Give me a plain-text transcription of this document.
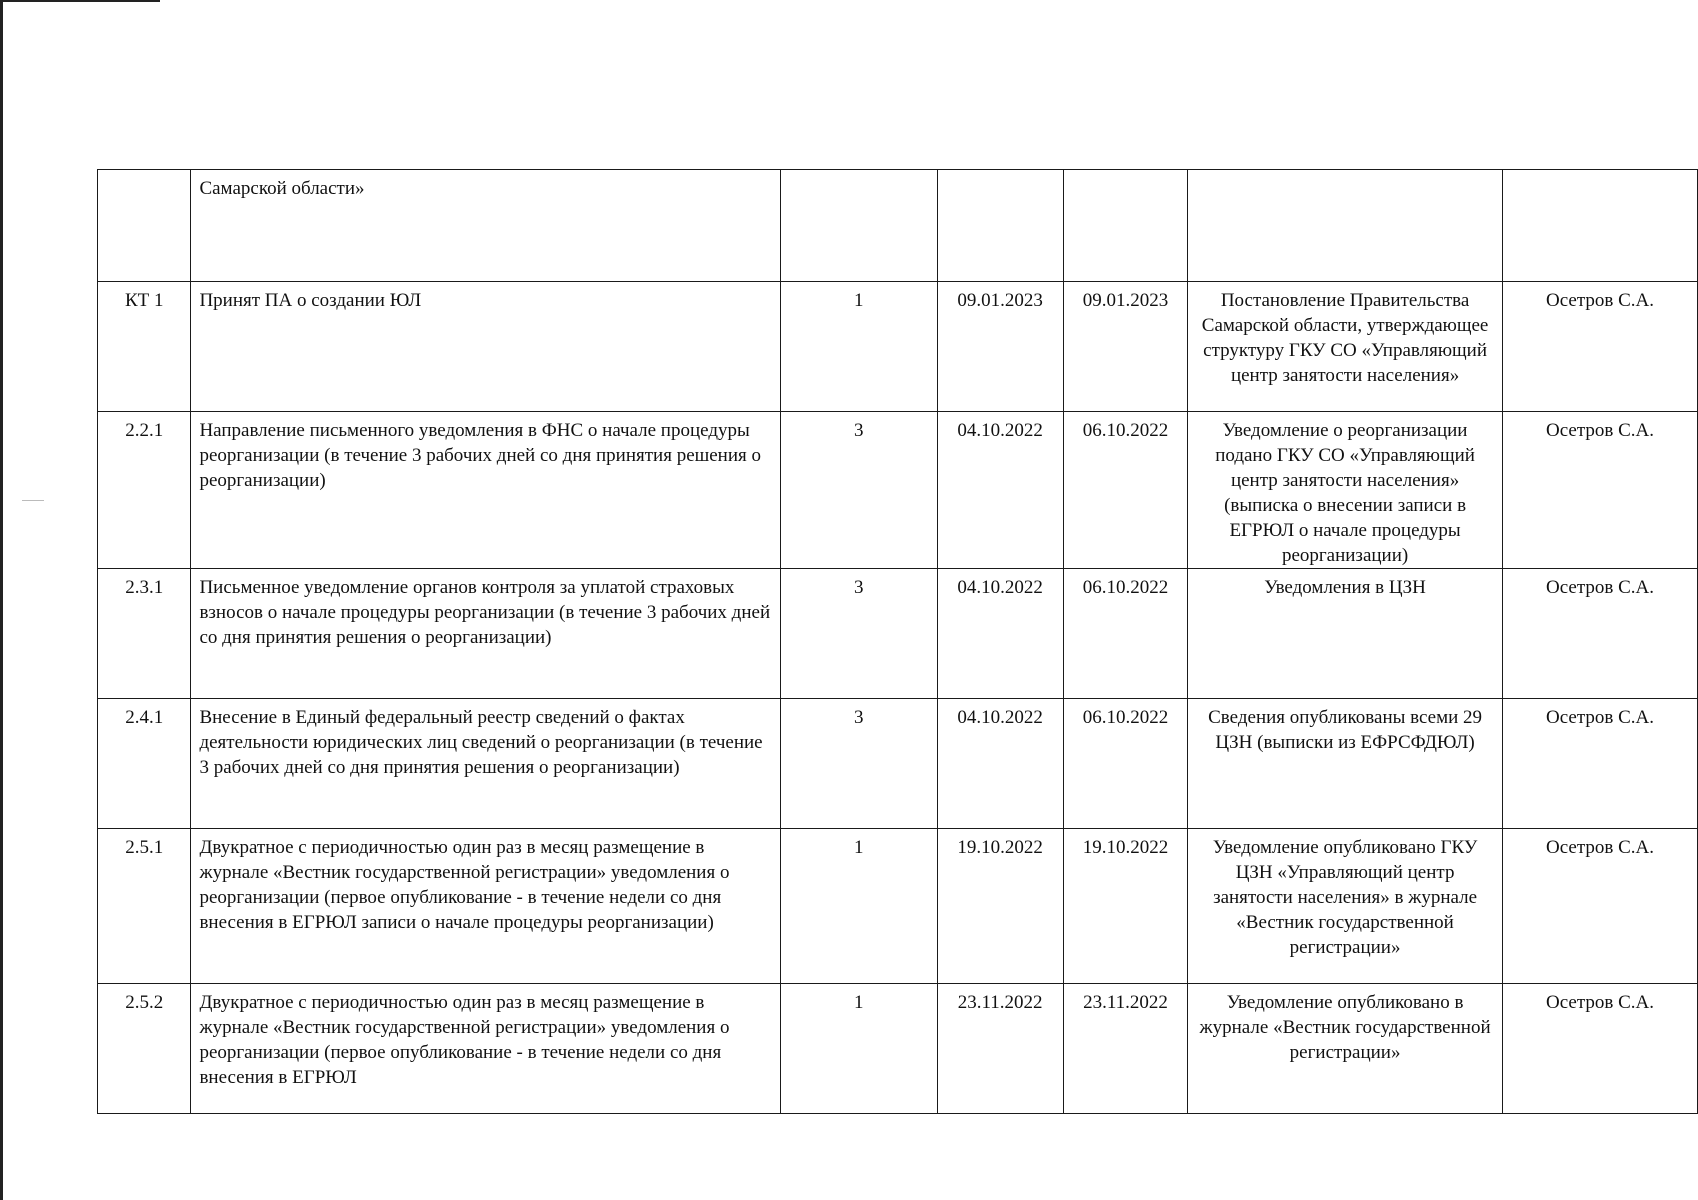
	Самарской области»					
КТ 1	Принят ПА о создании ЮЛ	1	09.01.2023	09.01.2023	Постановление Правительства Самарской области, утверждающее структуру ГКУ СО «Управляющий центр занятости населения»	Осетров С.А.
2.2.1	Направление письменного уведомления в ФНС о начале процедуры реорганизации (в течение 3 рабочих дней со дня принятия решения о реорганизации)	3	04.10.2022	06.10.2022	Уведомление о реорганизации подано ГКУ СО «Управляющий центр занятости населения» (выписка о внесении записи в ЕГРЮЛ о начале процедуры реорганизации)	Осетров С.А.
2.3.1	Письменное уведомление органов контроля за уплатой страховых взносов о начале процедуры реорганизации (в течение 3 рабочих дней со дня принятия решения о реорганизации)	3	04.10.2022	06.10.2022	Уведомления в ЦЗН	Осетров С.А.
2.4.1	Внесение в Единый федеральный реестр сведений о фактах деятельности юридических лиц сведений о реорганизации (в течение 3 рабочих дней со дня принятия решения о реорганизации)	3	04.10.2022	06.10.2022	Сведения опубликованы всеми 29 ЦЗН (выписки из ЕФРСФДЮЛ)	Осетров С.А.
2.5.1	Двукратное с периодичностью один раз в месяц размещение в журнале «Вестник государственной регистрации» уведомления о реорганизации (первое опубликование - в течение недели со дня внесения в ЕГРЮЛ записи о начале процедуры реорганизации)	1	19.10.2022	19.10.2022	Уведомление опубликовано ГКУ ЦЗН «Управляющий центр занятости населения» в журнале «Вестник государственной регистрации»	Осетров С.А.
2.5.2	Двукратное с периодичностью один раз в месяц размещение в журнале «Вестник государственной регистрации» уведомления о реорганизации (первое опубликование - в течение недели со дня внесения в ЕГРЮЛ	1	23.11.2022	23.11.2022	Уведомление опубликовано в журнале «Вестник государственной регистрации»	Осетров С.А.
